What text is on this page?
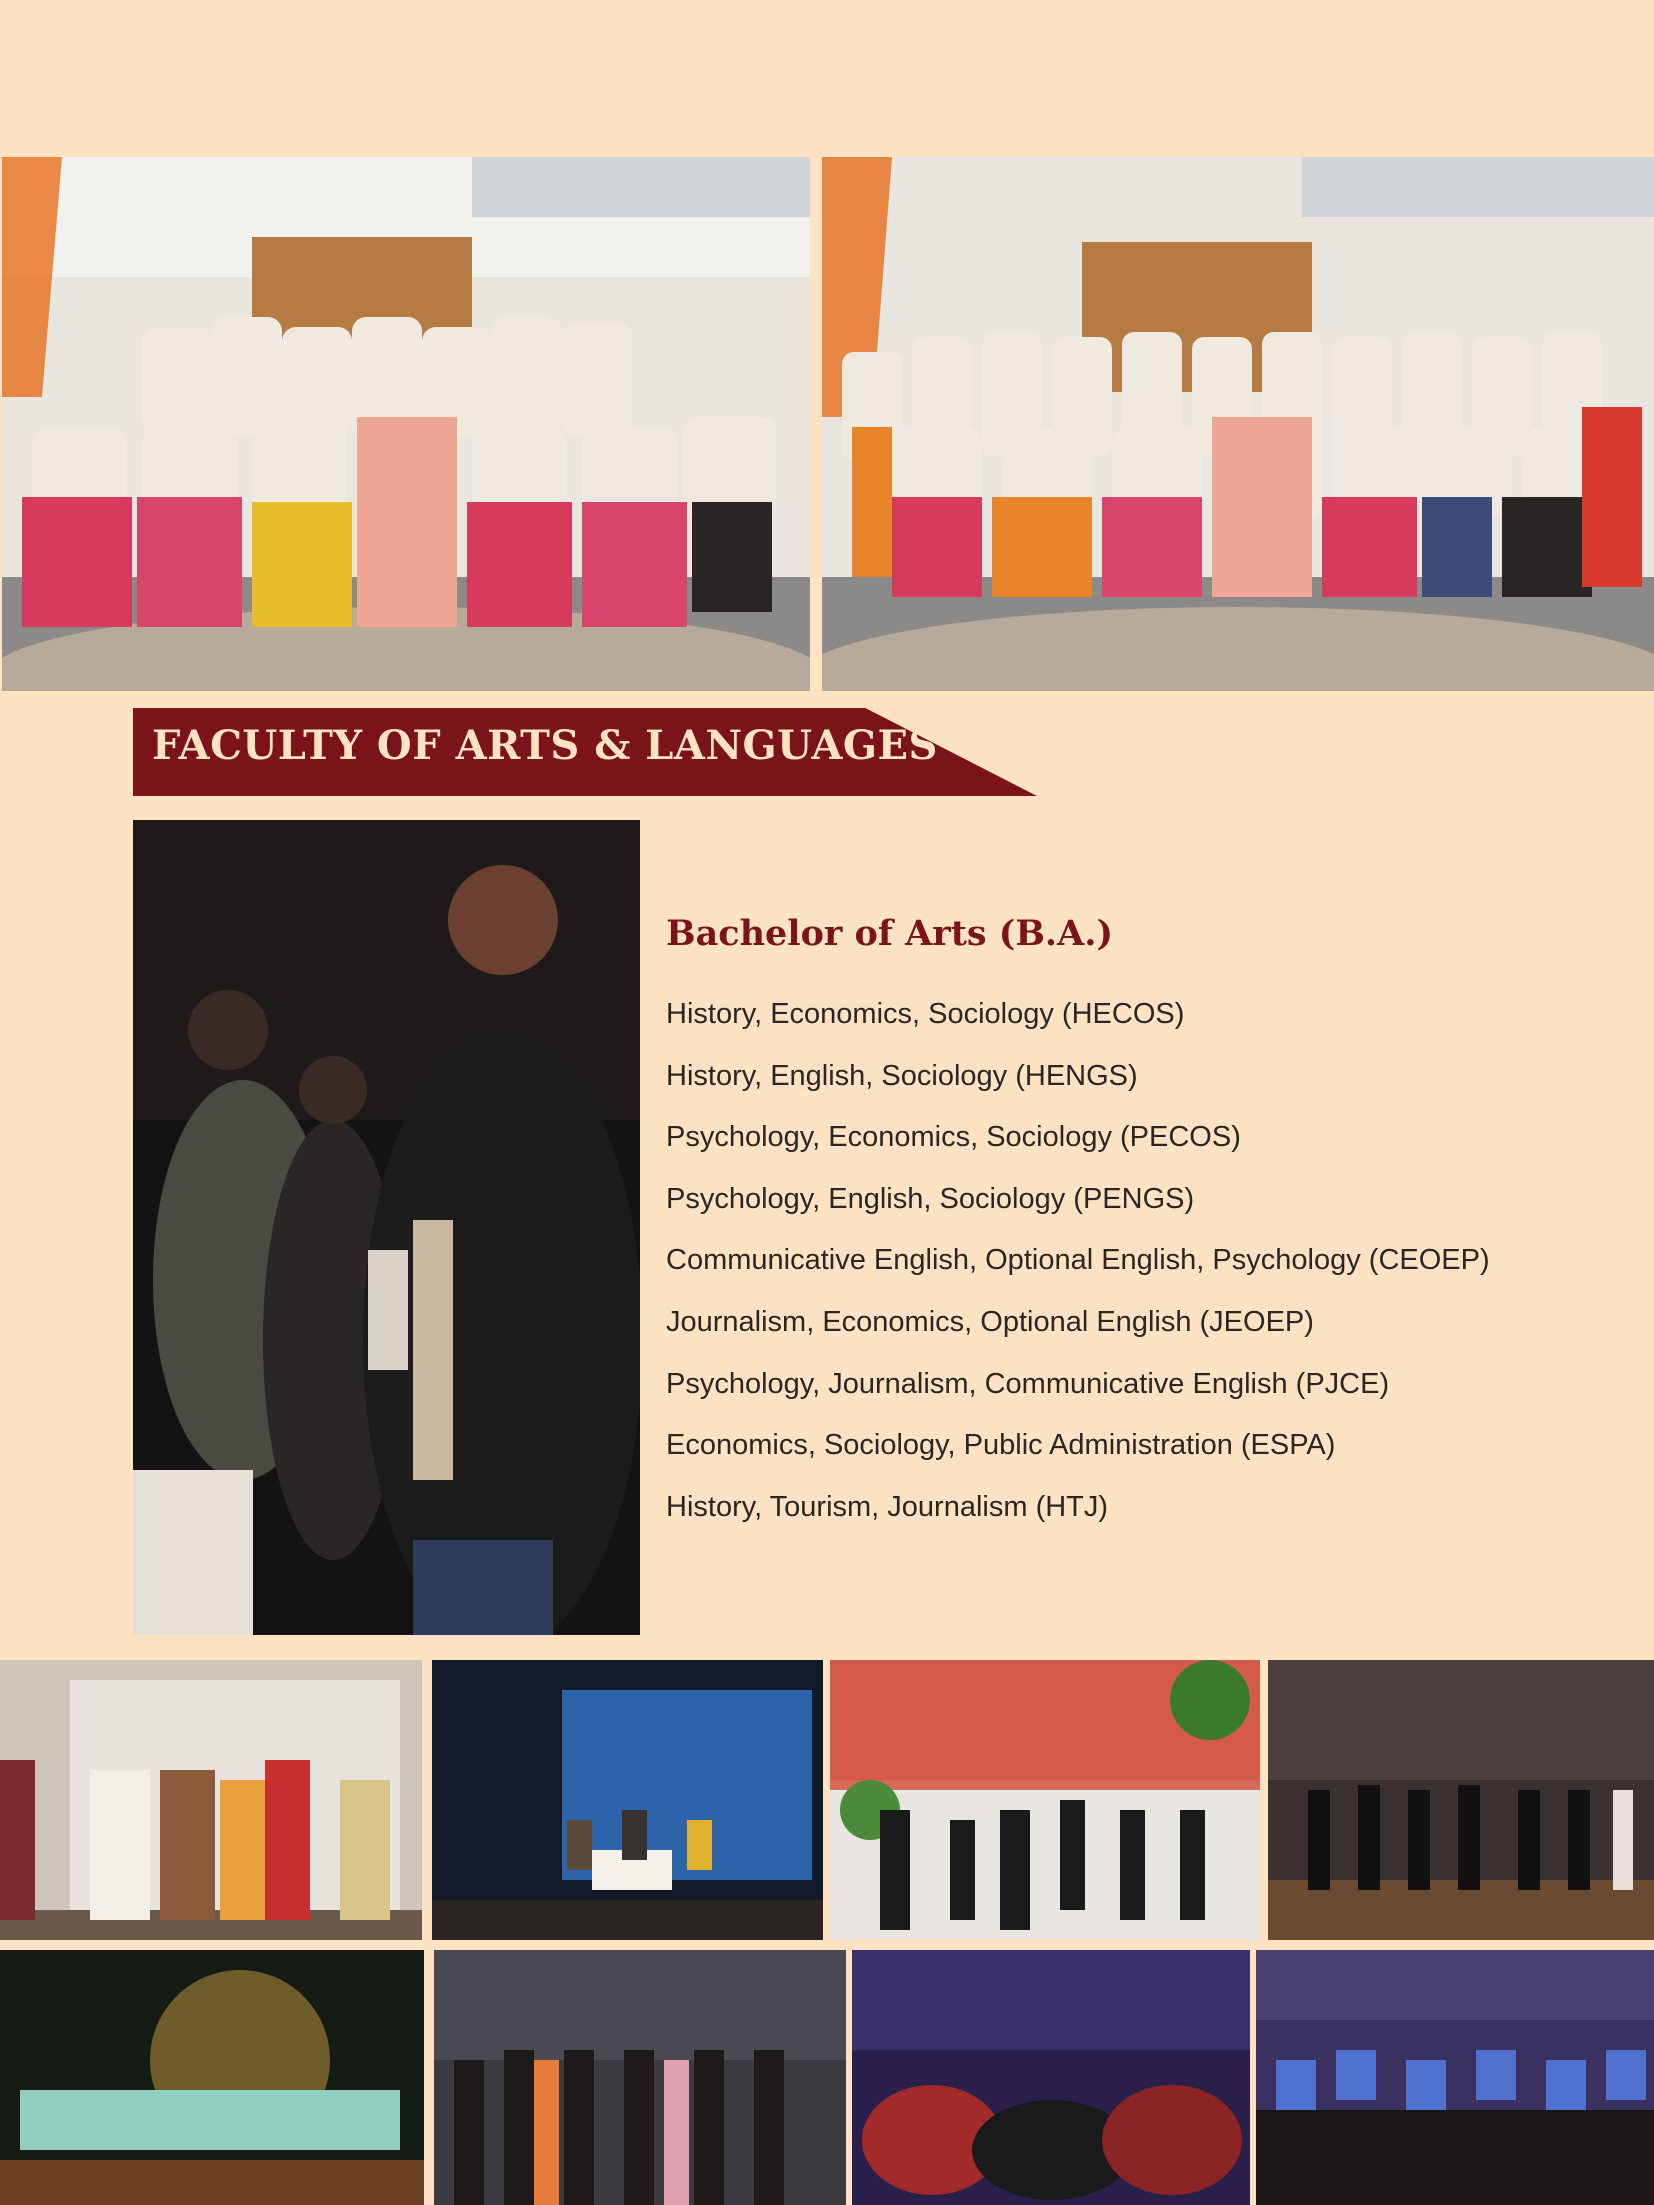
FACULTY OF ARTS & LANGUAGES
Bachelor of Arts (B.A.)
History, Economics, Sociology (HECOS)
History, English, Sociology (HENGS)
Psychology, Economics, Sociology (PECOS)
Psychology, English, Sociology (PENGS)
Communicative English, Optional English, Psychology (CEOEP)
Journalism, Economics, Optional English (JEOEP)
Psychology, Journalism, Communicative English (PJCE)
Economics, Sociology, Public Administration (ESPA)
History, Tourism, Journalism (HTJ)
